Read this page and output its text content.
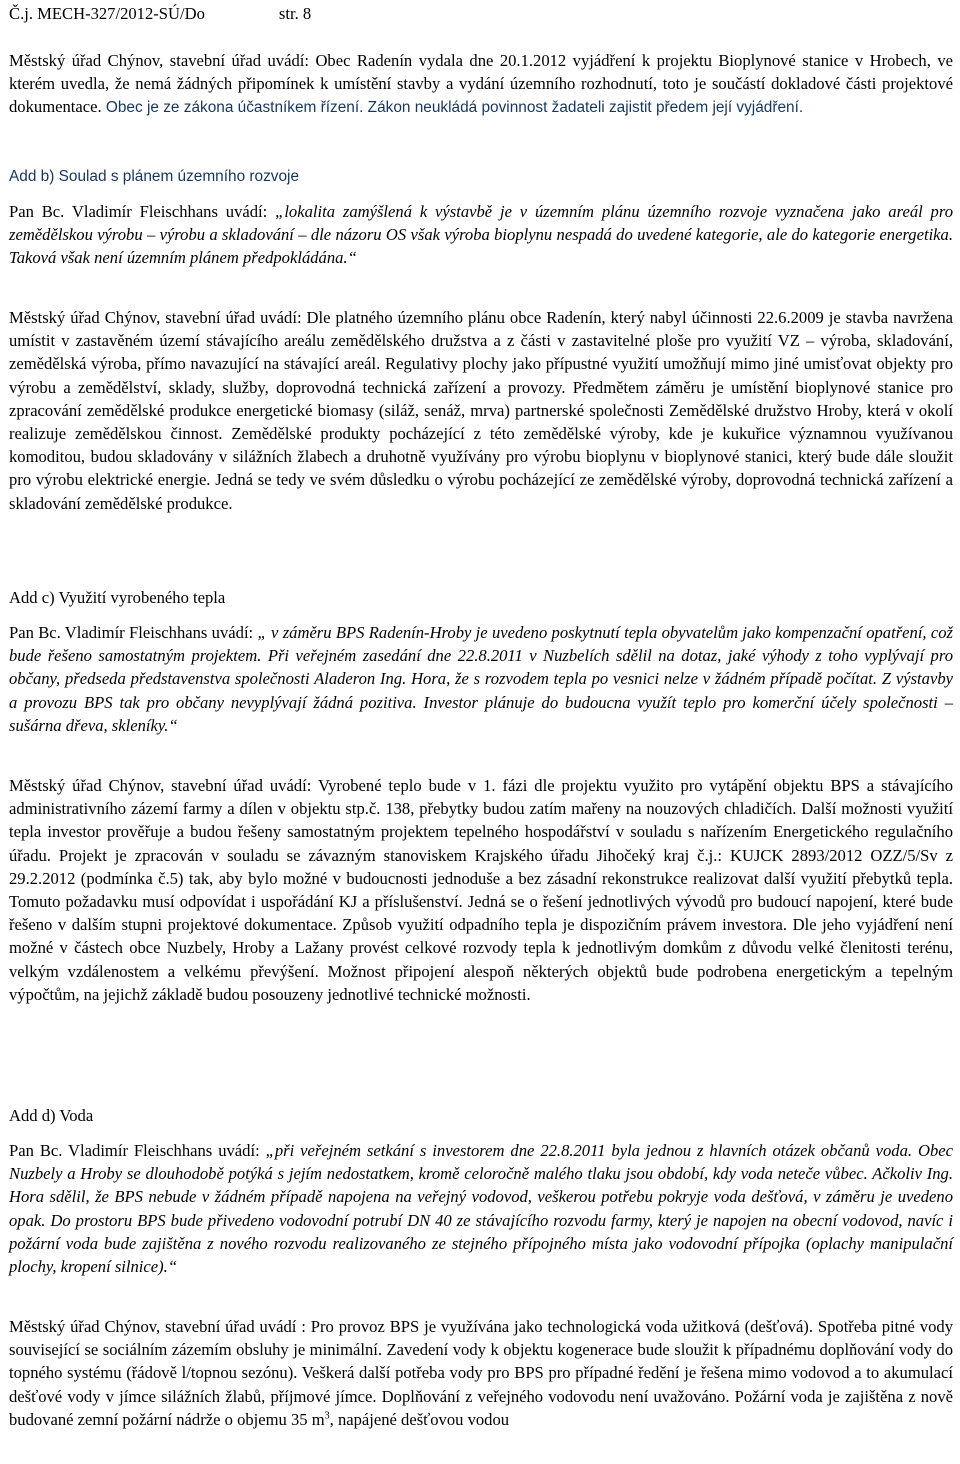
Č.j. MECH-327/2012-SÚ/Do	str. 8

Městský úřad Chýnov, stavební úřad uvádí: Obec Radenín vydala dne 20.1.2012 vyjádření k projektu Bioplynové stanice v Hrobech, ve kterém uvedla, že nemá žádných připomínek k umístění stavby a vydání územního rozhodnutí, toto je součástí dokladové části projektové dokumentace. Obec je ze zákona účastníkem řízení. Zákon neukládá povinnost žadateli zajistit předem její vyjádření.

Add b) Soulad s plánem územního rozvoje

Pan Bc. Vladimír Fleischhans uvádí: „lokalita zamýšlená k výstavbě je v územním plánu územního rozvoje vyznačena jako areál pro zemědělskou výrobu – výrobu a skladování – dle názoru OS však výroba bioplynu nespadá do uvedené kategorie, ale do kategorie energetika. Taková však není územním plánem předpokládána.“

Městský úřad Chýnov, stavební úřad uvádí: Dle platného územního plánu obce Radenín, který nabyl účinnosti 22.6.2009 je stavba navržena umístit v zastavěném území stávajícího areálu zemědělského družstva a z části v zastavitelné ploše pro využití VZ – výroba, skladování, zemědělská výroba, přímo navazující na stávající areál. Regulativy plochy jako přípustné využití umožňují mimo jiné umisťovat objekty pro výrobu a zemědělství, sklady, služby, doprovodná technická zařízení a provozy. Předmětem záměru je umístění bioplynové stanice pro zpracování zemědělské produkce energetické biomasy (siláž, senáž, mrva) partnerské společnosti Zemědělské družstvo Hroby, která v okolí realizuje zemědělskou činnost. Zemědělské produkty pocházející z této zemědělské výroby, kde je kukuřice významnou využívanou komoditou, budou skladovány v silážních žlabech a druhotně využívány pro výrobu bioplynu v bioplynové stanici, který bude dále sloužit pro výrobu elektrické energie. Jedná se tedy ve svém důsledku o výrobu pocházející ze zemědělské výroby, doprovodná technická zařízení a skladování zemědělské produkce.

Add c) Využití vyrobeného tepla

Pan Bc. Vladimír Fleischhans uvádí: „ v záměru BPS Radenín-Hroby je uvedeno poskytnutí tepla obyvatelům jako kompenzační opatření, což bude řešeno samostatným projektem. Při veřejném zasedání dne 22.8.2011 v Nuzbelích sdělil na dotaz, jaké výhody z toho vyplývají pro občany, předseda představenstva společnosti Aladeron Ing. Hora, že s rozvodem tepla po vesnici nelze v žádném případě počítat. Z výstavby a provozu BPS tak pro občany nevyplývají žádná pozitiva. Investor plánuje do budoucna využít teplo pro komerční účely společnosti – sušárna dřeva, skleníky.“

Městský úřad Chýnov, stavební úřad uvádí: Vyrobené teplo bude v 1. fázi dle projektu využito pro vytápění objektu BPS a stávajícího administrativního zázemí farmy a dílen v objektu stp.č. 138, přebytky budou zatím mařeny na nouzových chladičích. Další možnosti využití tepla investor prověřuje a budou řešeny samostatným projektem tepelného hospodářství v souladu s nařízením Energetického regulačního úřadu. Projekt je zpracován v souladu se závazným stanoviskem Krajského úřadu Jihočeký kraj č.j.: KUJCK 2893/2012 OZZ/5/Sv z 29.2.2012 (podmínka č.5) tak, aby bylo možné v budoucnosti jednoduše a bez zásadní rekonstrukce realizovat další využití přebytků tepla. Tomuto požadavku musí odpovídat i uspořádání KJ a příslušenství. Jedná se o řešení jednotlivých vývodů pro budoucí napojení, které bude řešeno v dalším stupni projektové dokumentace. Způsob využití odpadního tepla je dispozičním právem investora. Dle jeho vyjádření není možné v částech obce Nuzbely, Hroby a Lažany provést celkové rozvody tepla k jednotlivým domkům z důvodu velké členitosti terénu, velkým vzdálenostem a velkému převýšení. Možnost připojení alespoň některých objektů bude podrobena energetickým a tepelným výpočtům, na jejichž základě budou posouzeny jednotlivé technické možnosti.

Add d) Voda

Pan Bc. Vladimír Fleischhans uvádí: „při veřejném setkání s investorem dne 22.8.2011 byla jednou z hlavních otázek občanů voda. Obec Nuzbely a Hroby se dlouhodobě potýká s jejím nedostatkem, kromě celoročně malého tlaku jsou období, kdy voda neteče vůbec. Ačkoliv Ing. Hora sdělil, že BPS nebude v žádném případě napojena na veřejný vodovod, veškerou potřebu pokryje voda dešťová, v záměru je uvedeno opak. Do prostoru BPS bude přivedeno vodovodní potrubí DN 40 ze stávajícího rozvodu farmy, který je napojen na obecní vodovod, navíc i požární voda bude zajištěna z nového rozvodu realizovaného ze stejného přípojného místa jako vodovodní přípojka (oplachy manipulační plochy, kropení silnice).“

Městský úřad Chýnov, stavební úřad uvádí : Pro provoz BPS je využívána jako technologická voda užitková (dešťová). Spotřeba pitné vody související se sociálním zázemím obsluhy je minimální. Zavedení vody k objektu kogenerace bude sloužit k případnému doplňování vody do topného systému (řádově l/topnou sezónu). Veškerá další potřeba vody pro BPS pro případné ředění je řešena mimo vodovod a to akumulací dešťové vody v jímce silážních žlabů, příjmové jímce. Doplňování z veřejného vodovodu není uvažováno. Požární voda je zajištěna z nově budované zemní požární nádrže o objemu 35 $m^3$, napájené dešťovou vodou
